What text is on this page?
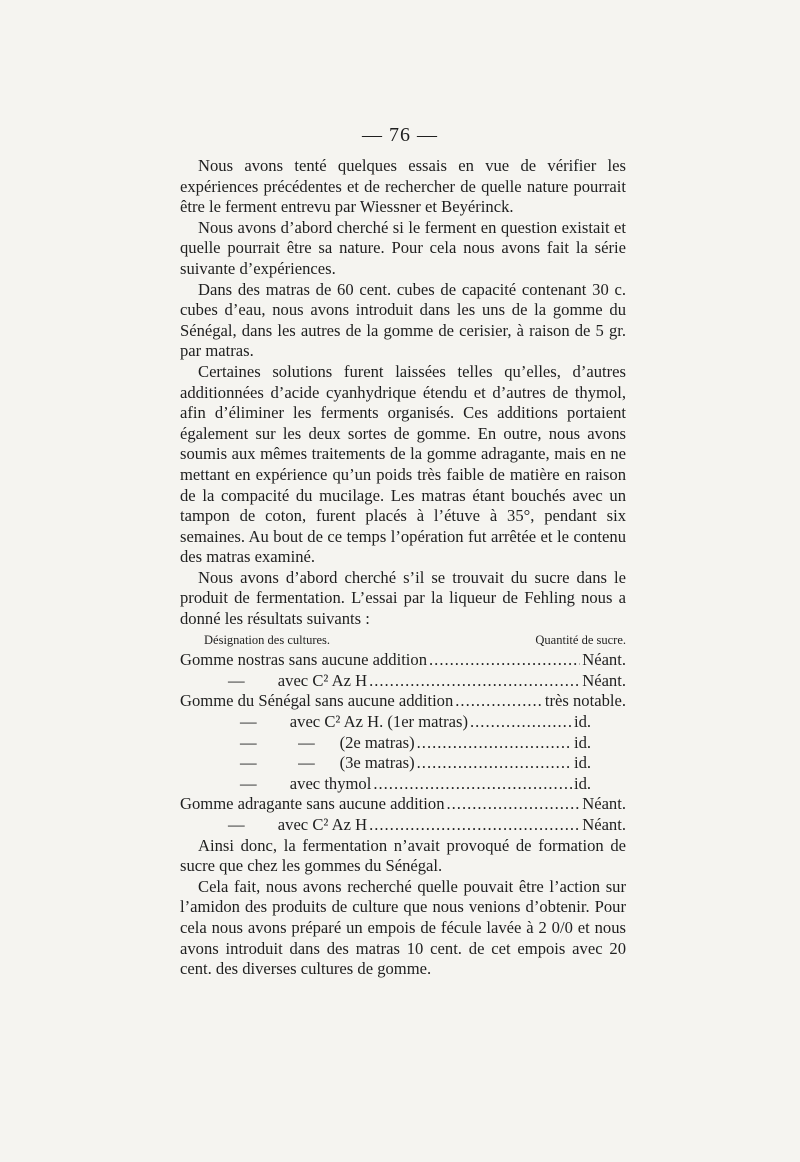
— 76 —

Nous avons tenté quelques essais en vue de vérifier les expériences précédentes et de rechercher de quelle nature pourrait être le ferment entrevu par Wiessner et Beyérinck.

Nous avons d’abord cherché si le ferment en question existait et quelle pourrait être sa nature. Pour cela nous avons fait la série suivante d’expériences.

Dans des matras de 60 cent. cubes de capacité contenant 30 c. cubes d’eau, nous avons introduit dans les uns de la gomme du Sénégal, dans les autres de la gomme de cerisier, à raison de 5 gr. par matras.

Certaines solutions furent laissées telles qu’elles, d’autres additionnées d’acide cyanhydrique étendu et d’autres de thymol, afin d’éliminer les ferments organisés. Ces additions portaient également sur les deux sortes de gomme. En outre, nous avons soumis aux mêmes traitements de la gomme adragante, mais en ne mettant en expérience qu’un poids très faible de matière en raison de la compacité du mucilage. Les matras étant bouchés avec un tampon de coton, furent placés à l’étuve à 35°, pendant six semaines. Au bout de ce temps l’opération fut arrêtée et le contenu des matras examiné.

Nous avons d’abord cherché s’il se trouvait du sucre dans le produit de fermentation. L’essai par la liqueur de Fehling nous a donné les résultats suivants :

Désignation des cultures.	Quantité de sucre.
Gomme nostras sans aucune addition .....	Néant.
—        avec C² Az H .....	Néant.
Gomme du Sénégal sans aucune addition .....	très notable.
—        avec C² Az H. (1er matras) .....	id.
—          —      (2e matras) .....	id.
—          —      (3e matras) .....	id.
—        avec thymol .....	id.
Gomme adragante sans aucune addition .....	Néant.
—        avec C² Az H .....	Néant.

Ainsi donc, la fermentation n’avait provoqué de formation de sucre que chez les gommes du Sénégal.

Cela fait, nous avons recherché quelle pouvait être l’action sur l’amidon des produits de culture que nous venions d’obtenir. Pour cela nous avons préparé un empois de fécule lavée à 2 0/0 et nous avons introduit dans des matras 10 cent. de cet empois avec 20 cent. des diverses cultures de gomme.
